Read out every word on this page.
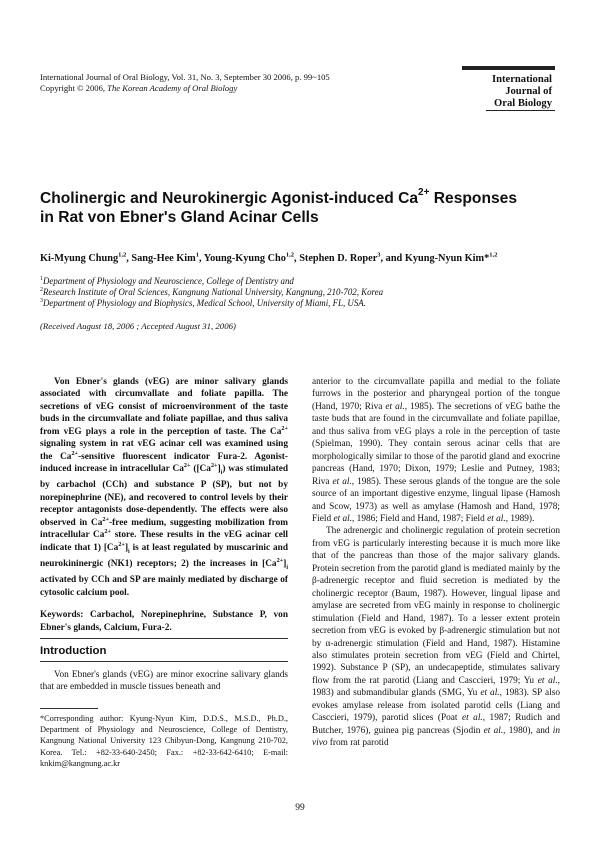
International Journal of Oral Biology, Vol. 31, No. 3, September 30 2006, p. 99~105
Copyright © 2006, The Korean Academy of Oral Biology
International
Journal of
Oral Biology
Cholinergic and Neurokinergic Agonist-induced $Ca^{2+}$ Responses
in Rat von Ebner's Gland Acinar Cells
Ki-Myung Chung$^{1,2}$, Sang-Hee Kim$^1$, Young-Kyung Cho$^{1,2}$, Stephen D. Roper$^3$, and Kyung-Nyun Kim*$^{1,2}$
$^1$Department of Physiology and Neuroscience, College of Dentistry and
$^2$Research Institute of Oral Sciences, Kangnung National University, Kangnung, 210-702, Korea
$^3$Department of Physiology and Biophysics, Medical School, University of Miami, FL, USA.
(Received August 18, 2006 ; Accepted August 31, 2006)

Von Ebner's glands (vEG) are minor salivary glands associated with circumvallate and foliate papilla. The secretions of vEG consist of microenvironment of the taste buds in the circumvallate and foliate papillae, and thus saliva from vEG plays a role in the perception of taste. The $Ca^{2+}$ signaling system in rat vEG acinar cell was examined using the $Ca^{2+}$-sensitive fluorescent indicator Fura-2. Agonist-induced increase in intracellular $Ca^{2+}$ $([Ca^{2+}]_i)$ was stimulated by carbachol (CCh) and substance P (SP), but not by norepinephrine (NE), and recovered to control levels by their receptor antagonists dose-dependently. The effects were also observed in $Ca^{2+}$-free medium, suggesting mobilization from intracellular $Ca^{2+}$ store. These results in the vEG acinar cell indicate that 1) $[Ca^{2+}]_i$ is at least regulated by muscarinic and neurokininergic (NK1) receptors; 2) the increases in $[Ca^{2+}]_i$ activated by CCh and SP are mainly mediated by discharge of cytosolic calcium pool.

Keywords: Carbachol, Norepinephrine, Substance P, von Ebner's glands, Calcium, Fura-2.

Introduction

Von Ebner's glands (vEG) are minor exocrine salivary glands that are embedded in muscle tissues beneath and

*Corresponding author: Kyung-Nyun Kim, D.D.S., M.S.D., Ph.D., Department of Physiology and Neuroscience, College of Dentistry, Kangnung National University 123 Chibyun-Dong, Kangnung 210-702, Korea. Tel.: +82-33-640-2450; Fax.: +82-33-642-6410; E-mail: knkim@kangnung.ac.kr

anterior to the circumvallate papilla and medial to the foliate furrows in the posterior and pharyngeal portion of the tongue (Hand, 1970; Riva et al., 1985). The secretions of vEG bathe the taste buds that are found in the circumvallate and foliate papillae, and thus saliva from vEG plays a role in the perception of taste (Spielman, 1990). They contain serous acinar cells that are morphologically similar to those of the parotid gland and exocrine pancreas (Hand, 1970; Dixon, 1979; Leslie and Putney, 1983; Riva et al., 1985). These serous glands of the tongue are the sole source of an important digestive enzyme, lingual lipase (Hamosh and Scow, 1973) as well as amylase (Hamosh and Hand, 1978; Field et al., 1986; Field and Hand, 1987; Field et al., 1989).

The adrenergic and cholinergic regulation of protein secretion from vEG is particularly interesting because it is much more like that of the pancreas than those of the major salivary glands. Protein secretion from the parotid gland is mediated mainly by the β-adrenergic receptor and fluid secretion is mediated by the cholinergic receptor (Baum, 1987). However, lingual lipase and amylase are secreted from vEG mainly in response to cholinergic stimulation (Field and Hand, 1987). To a lesser extent protein secretion from vEG is evoked by β-adrenergic stimulation but not by α-adrenergic stimulation (Field and Hand, 1987). Histamine also stimulates protein secretion from vEG (Field and Chirtel, 1992). Substance P (SP), an undecapeptide, stimulates salivary flow from the rat parotid (Liang and Casccieri, 1979; Yu et al., 1983) and submandibular glands (SMG, Yu et al., 1983). SP also evokes amylase release from isolated parotid cells (Liang and Casccieri, 1979), parotid slices (Poat et al., 1987; Rudich and Butcher, 1976), guinea pig pancreas (Sjodin et al., 1980), and in vivo from rat parotid

99
